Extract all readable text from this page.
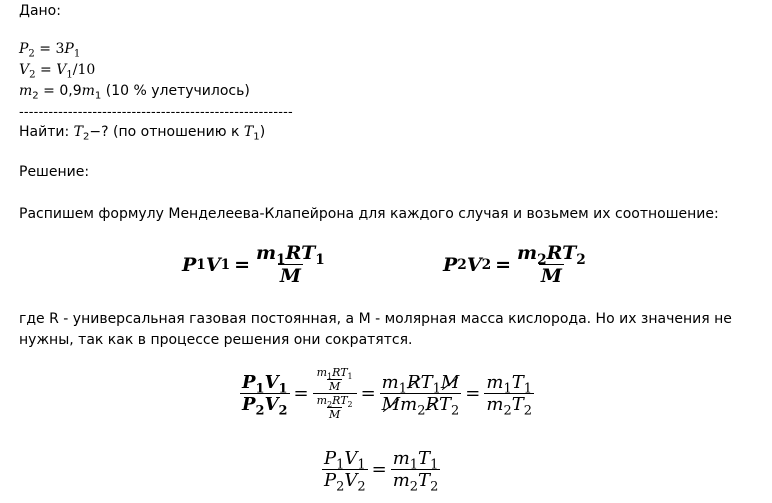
Дано:
$P_2 = 3P_1$
$V_2 = V_1/10$
$m_2 = 0,9m_1$ (10 % улетучилось)
--------------------------------------------------------
Найти: $T_2-$? (по отношению к $T_1$)
Решение:
Распишем формулу Менделеева-Клапейрона для каждого случая и возьмем их соотношение:
P 1 V $1 = \frac{m_1RT_1}{M}$	P 2 V $2 = \frac{m_2RT_2}{M}$
где R - универсальная газовая постоянная, а M - молярная масса кислорода. Но их значения не
нужны, так как в процессе решения они сократятся.
$\frac{P_1V_1}{P_2V_2} = \frac{\frac{m_1RT_1}{M}}{\frac{m_2RT_2}{M}} = \frac{m_1RT_1M}{Mm_2RT_2} = \frac{m_1T_1}{m_2T_2}$
$\frac{P_1V_1}{P_2V_2} = \frac{m_1T_1}{m_2T_2}$
